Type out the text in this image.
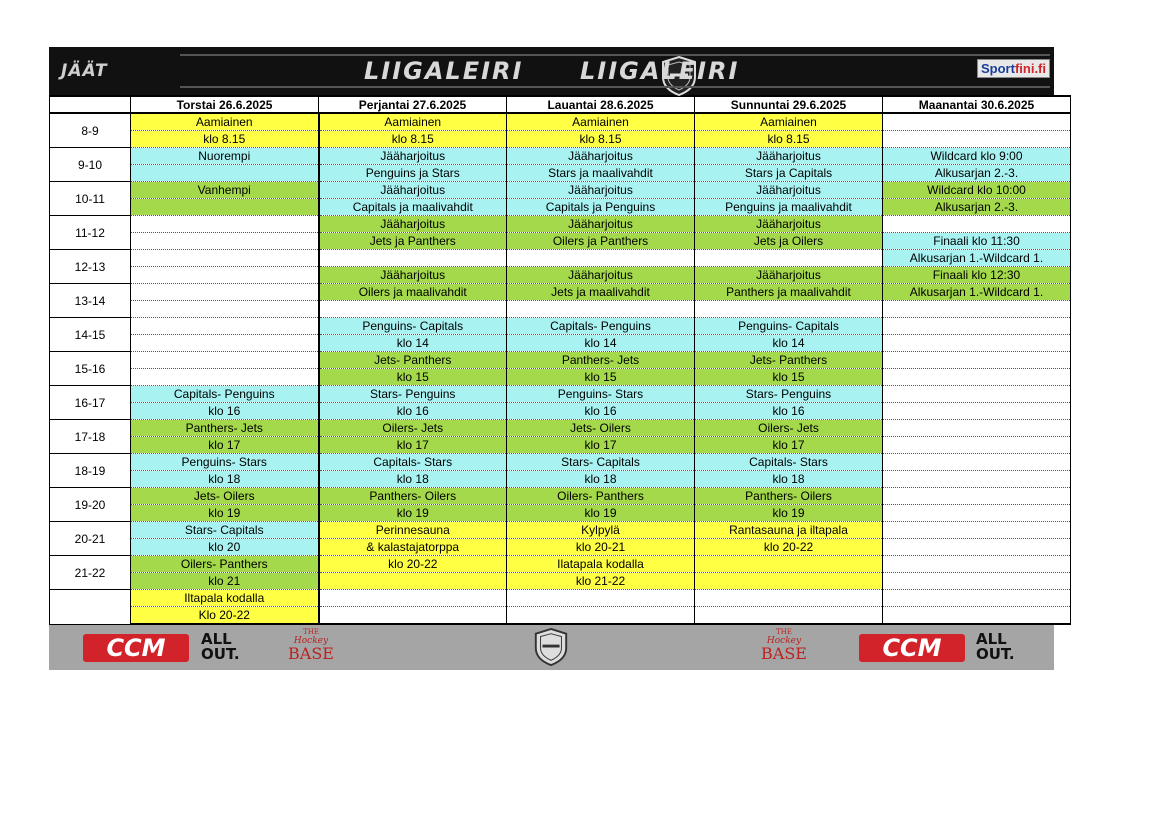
JÄÄT	LIIGALEIRI LIIGALEIRI	Sportfini.fi
	Torstai 26.6.2025	Perjantai 27.6.2025	Lauantai 28.6.2025	Sunnuntai 29.6.2025	Maanantai 30.6.2025
8-9	Aamiainen	Aamiainen	Aamiainen	Aamiainen	
	klo 8.15	klo 8.15	klo 8.15	klo 8.15	
9-10	Nuorempi	Jääharjoitus	Jääharjoitus	Jääharjoitus	Wildcard klo 9:00
		Penguins ja Stars	Stars ja maalivahdit	Stars ja Capitals	Alkusarjan 2.-3.
10-11	Vanhempi	Jääharjoitus	Jääharjoitus	Jääharjoitus	Wildcard klo 10:00
		Capitals ja maalivahdit	Capitals ja Penguins	Penguins ja maalivahdit	Alkusarjan 2.-3.
11-12		Jääharjoitus	Jääharjoitus	Jääharjoitus	
		Jets ja Panthers	Oilers ja Panthers	Jets ja Oilers	Finaali klo 11:30
12-13					Alkusarjan 1.-Wildcard 1.
		Jääharjoitus	Jääharjoitus	Jääharjoitus	Finaali klo 12:30
13-14		Oilers ja maalivahdit	Jets ja maalivahdit	Panthers ja maalivahdit	Alkusarjan 1.-Wildcard 1.

14-15		Penguins- Capitals	Capitals- Penguins	Penguins- Capitals	
		klo 14	klo 14	klo 14	
15-16		Jets- Panthers	Panthers- Jets	Jets- Panthers	
		klo 15	klo 15	klo 15	
16-17	Capitals- Penguins	Stars- Penguins	Penguins- Stars	Stars- Penguins	
	klo 16	klo 16	klo 16	klo 16	
17-18	Panthers- Jets	Oilers- Jets	Jets- Oilers	Oilers- Jets	
	klo 17	klo 17	klo 17	klo 17	
18-19	Penguins- Stars	Capitals- Stars	Stars- Capitals	Capitals- Stars	
	klo 18	klo 18	klo 18	klo 18	
19-20	Jets- Oilers	Panthers- Oilers	Oilers- Panthers	Panthers- Oilers	
	klo 19	klo 19	klo 19	klo 19	
20-21	Stars- Capitals	Perinnesauna	Kylpylä	Rantasauna ja iltapala	
	klo 20	& kalastajatorppa	klo 20-21	klo 20-22	
21-22	Oilers- Panthers	klo 20-22	Ilatapala kodalla		
	klo 21		klo 21-22		
	Iltapala kodalla				
	Klo 20-22				
CCM	ALL
OUT.
THE
Hockey
BASE
THE
Hockey
BASE	CCM	ALL
OUT.
